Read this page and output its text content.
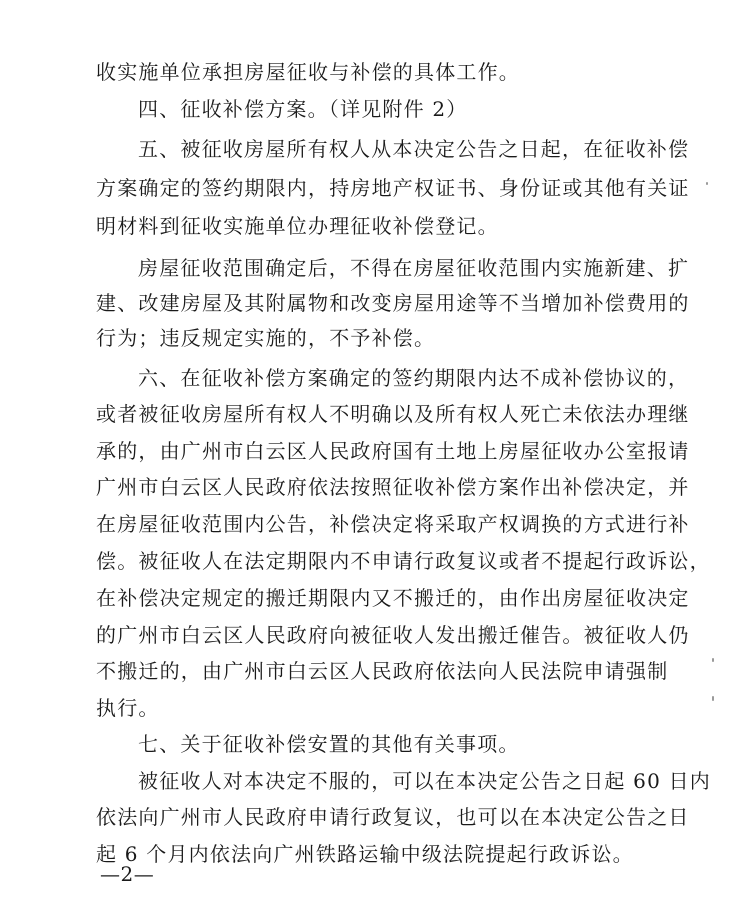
收实施单位承担房屋征收与补偿的具体工作。
四、征收补偿方案。（详见附件 2）
五、被征收房屋所有权人从本决定公告之日起，在征收补偿
方案确定的签约期限内，持房地产权证书、身份证或其他有关证
明材料到征收实施单位办理征收补偿登记。
房屋征收范围确定后，不得在房屋征收范围内实施新建、扩
建、改建房屋及其附属物和改变房屋用途等不当增加补偿费用的
行为；违反规定实施的，不予补偿。
六、在征收补偿方案确定的签约期限内达不成补偿协议的，
或者被征收房屋所有权人不明确以及所有权人死亡未依法办理继
承的，由广州市白云区人民政府国有土地上房屋征收办公室报请
广州市白云区人民政府依法按照征收补偿方案作出补偿决定，并
在房屋征收范围内公告，补偿决定将采取产权调换的方式进行补
偿。被征收人在法定期限内不申请行政复议或者不提起行政诉讼，
在补偿决定规定的搬迁期限内又不搬迁的，由作出房屋征收决定
的广州市白云区人民政府向被征收人发出搬迁催告。被征收人仍
不搬迁的，由广州市白云区人民政府依法向人民法院申请强制
执行。
七、关于征收补偿安置的其他有关事项。
被征收人对本决定不服的，可以在本决定公告之日起 60 日内
依法向广州市人民政府申请行政复议，也可以在本决定公告之日
起 6 个月内依法向广州铁路运输中级法院提起行政诉讼。
—2—
